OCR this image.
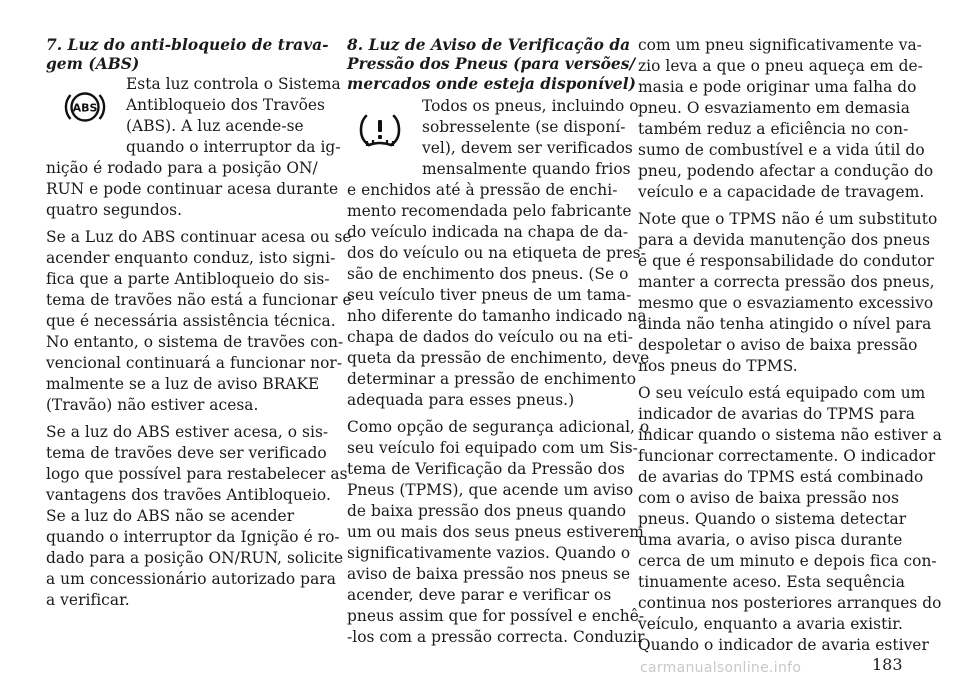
7. Luz do anti-bloqueio de trava-
gem (ABS)
ABS
Esta luz controla o Sistema
Antibloqueio dos Travões
(ABS). A luz acende-se
quando o interruptor da ig-
nição é rodado para a posição ON/
RUN e pode continuar acesa durante
quatro segundos.
Se a Luz do ABS continuar acesa ou se
acender enquanto conduz, isto signi-
fica que a parte Antibloqueio do sis-
tema de travões não está a funcionar e
que é necessária assistência técnica.
No entanto, o sistema de travões con-
vencional continuará a funcionar nor-
malmente se a luz de aviso BRAKE
(Travão) não estiver acesa.
Se a luz do ABS estiver acesa, o sis-
tema de travões deve ser verificado
logo que possível para restabelecer as
vantagens dos travões Antibloqueio.
Se a luz do ABS não se acender
quando o interruptor da Ignição é ro-
dado para a posição ON/RUN, solicite
a um concessionário autorizado para
a verificar.
8. Luz de Aviso de Verificação da
Pressão dos Pneus (para versões/
mercados onde esteja disponível)
Todos os pneus, incluindo o
sobresselente (se disponí-
vel), devem ser verificados
mensalmente quando frios
e enchidos até à pressão de enchi-
mento recomendada pelo fabricante
do veículo indicada na chapa de da-
dos do veículo ou na etiqueta de pres-
são de enchimento dos pneus. (Se o
seu veículo tiver pneus de um tama-
nho diferente do tamanho indicado na
chapa de dados do veículo ou na eti-
queta da pressão de enchimento, deve
determinar a pressão de enchimento
adequada para esses pneus.)
Como opção de segurança adicional, o
seu veículo foi equipado com um Sis-
tema de Verificação da Pressão dos
Pneus (TPMS), que acende um aviso
de baixa pressão dos pneus quando
um ou mais dos seus pneus estiverem
significativamente vazios. Quando o
aviso de baixa pressão nos pneus se
acender, deve parar e verificar os
pneus assim que for possível e enchê-
-los com a pressão correcta. Conduzir
com um pneu significativamente va-
zio leva a que o pneu aqueça em de-
masia e pode originar uma falha do
pneu. O esvaziamento em demasia
também reduz a eficiência no con-
sumo de combustível e a vida útil do
pneu, podendo afectar a condução do
veículo e a capacidade de travagem.
Note que o TPMS não é um substituto
para a devida manutenção dos pneus
e que é responsabilidade do condutor
manter a correcta pressão dos pneus,
mesmo que o esvaziamento excessivo
ainda não tenha atingido o nível para
despoletar o aviso de baixa pressão
nos pneus do TPMS.
O seu veículo está equipado com um
indicador de avarias do TPMS para
indicar quando o sistema não estiver a
funcionar correctamente. O indicador
de avarias do TPMS está combinado
com o aviso de baixa pressão nos
pneus. Quando o sistema detectar
uma avaria, o aviso pisca durante
cerca de um minuto e depois fica con-
tinuamente aceso. Esta sequência
continua nos posteriores arranques do
veículo, enquanto a avaria existir.
Quando o indicador de avaria estiver
183
carmanualsonline.info
